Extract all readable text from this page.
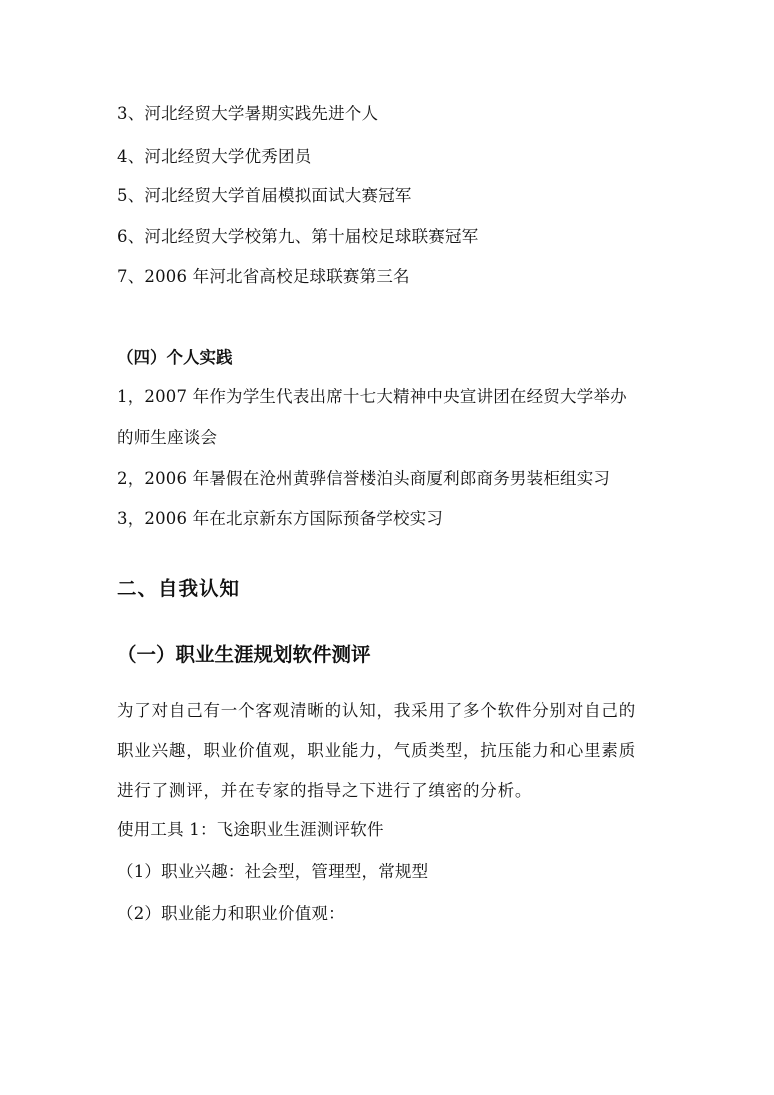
3、河北经贸大学暑期实践先进个人
4、河北经贸大学优秀团员
5、河北经贸大学首届模拟面试大赛冠军
6、河北经贸大学校第九、第十届校足球联赛冠军
7、2006 年河北省高校足球联赛第三名
（四）个人实践
1，2007 年作为学生代表出席十七大精神中央宣讲团在经贸大学举办
的师生座谈会
2，2006 年暑假在沧州黄骅信誉楼泊头商厦利郎商务男装柜组实习
3，2006 年在北京新东方国际预备学校实习
二、自我认知
（一）职业生涯规划软件测评
为了对自己有一个客观清晰的认知，我采用了多个软件分别对自己的
职业兴趣，职业价值观，职业能力，气质类型，抗压能力和心里素质
进行了测评，并在专家的指导之下进行了缜密的分析。
使用工具 1：飞途职业生涯测评软件
（1）职业兴趣：社会型，管理型，常规型
（2）职业能力和职业价值观：
